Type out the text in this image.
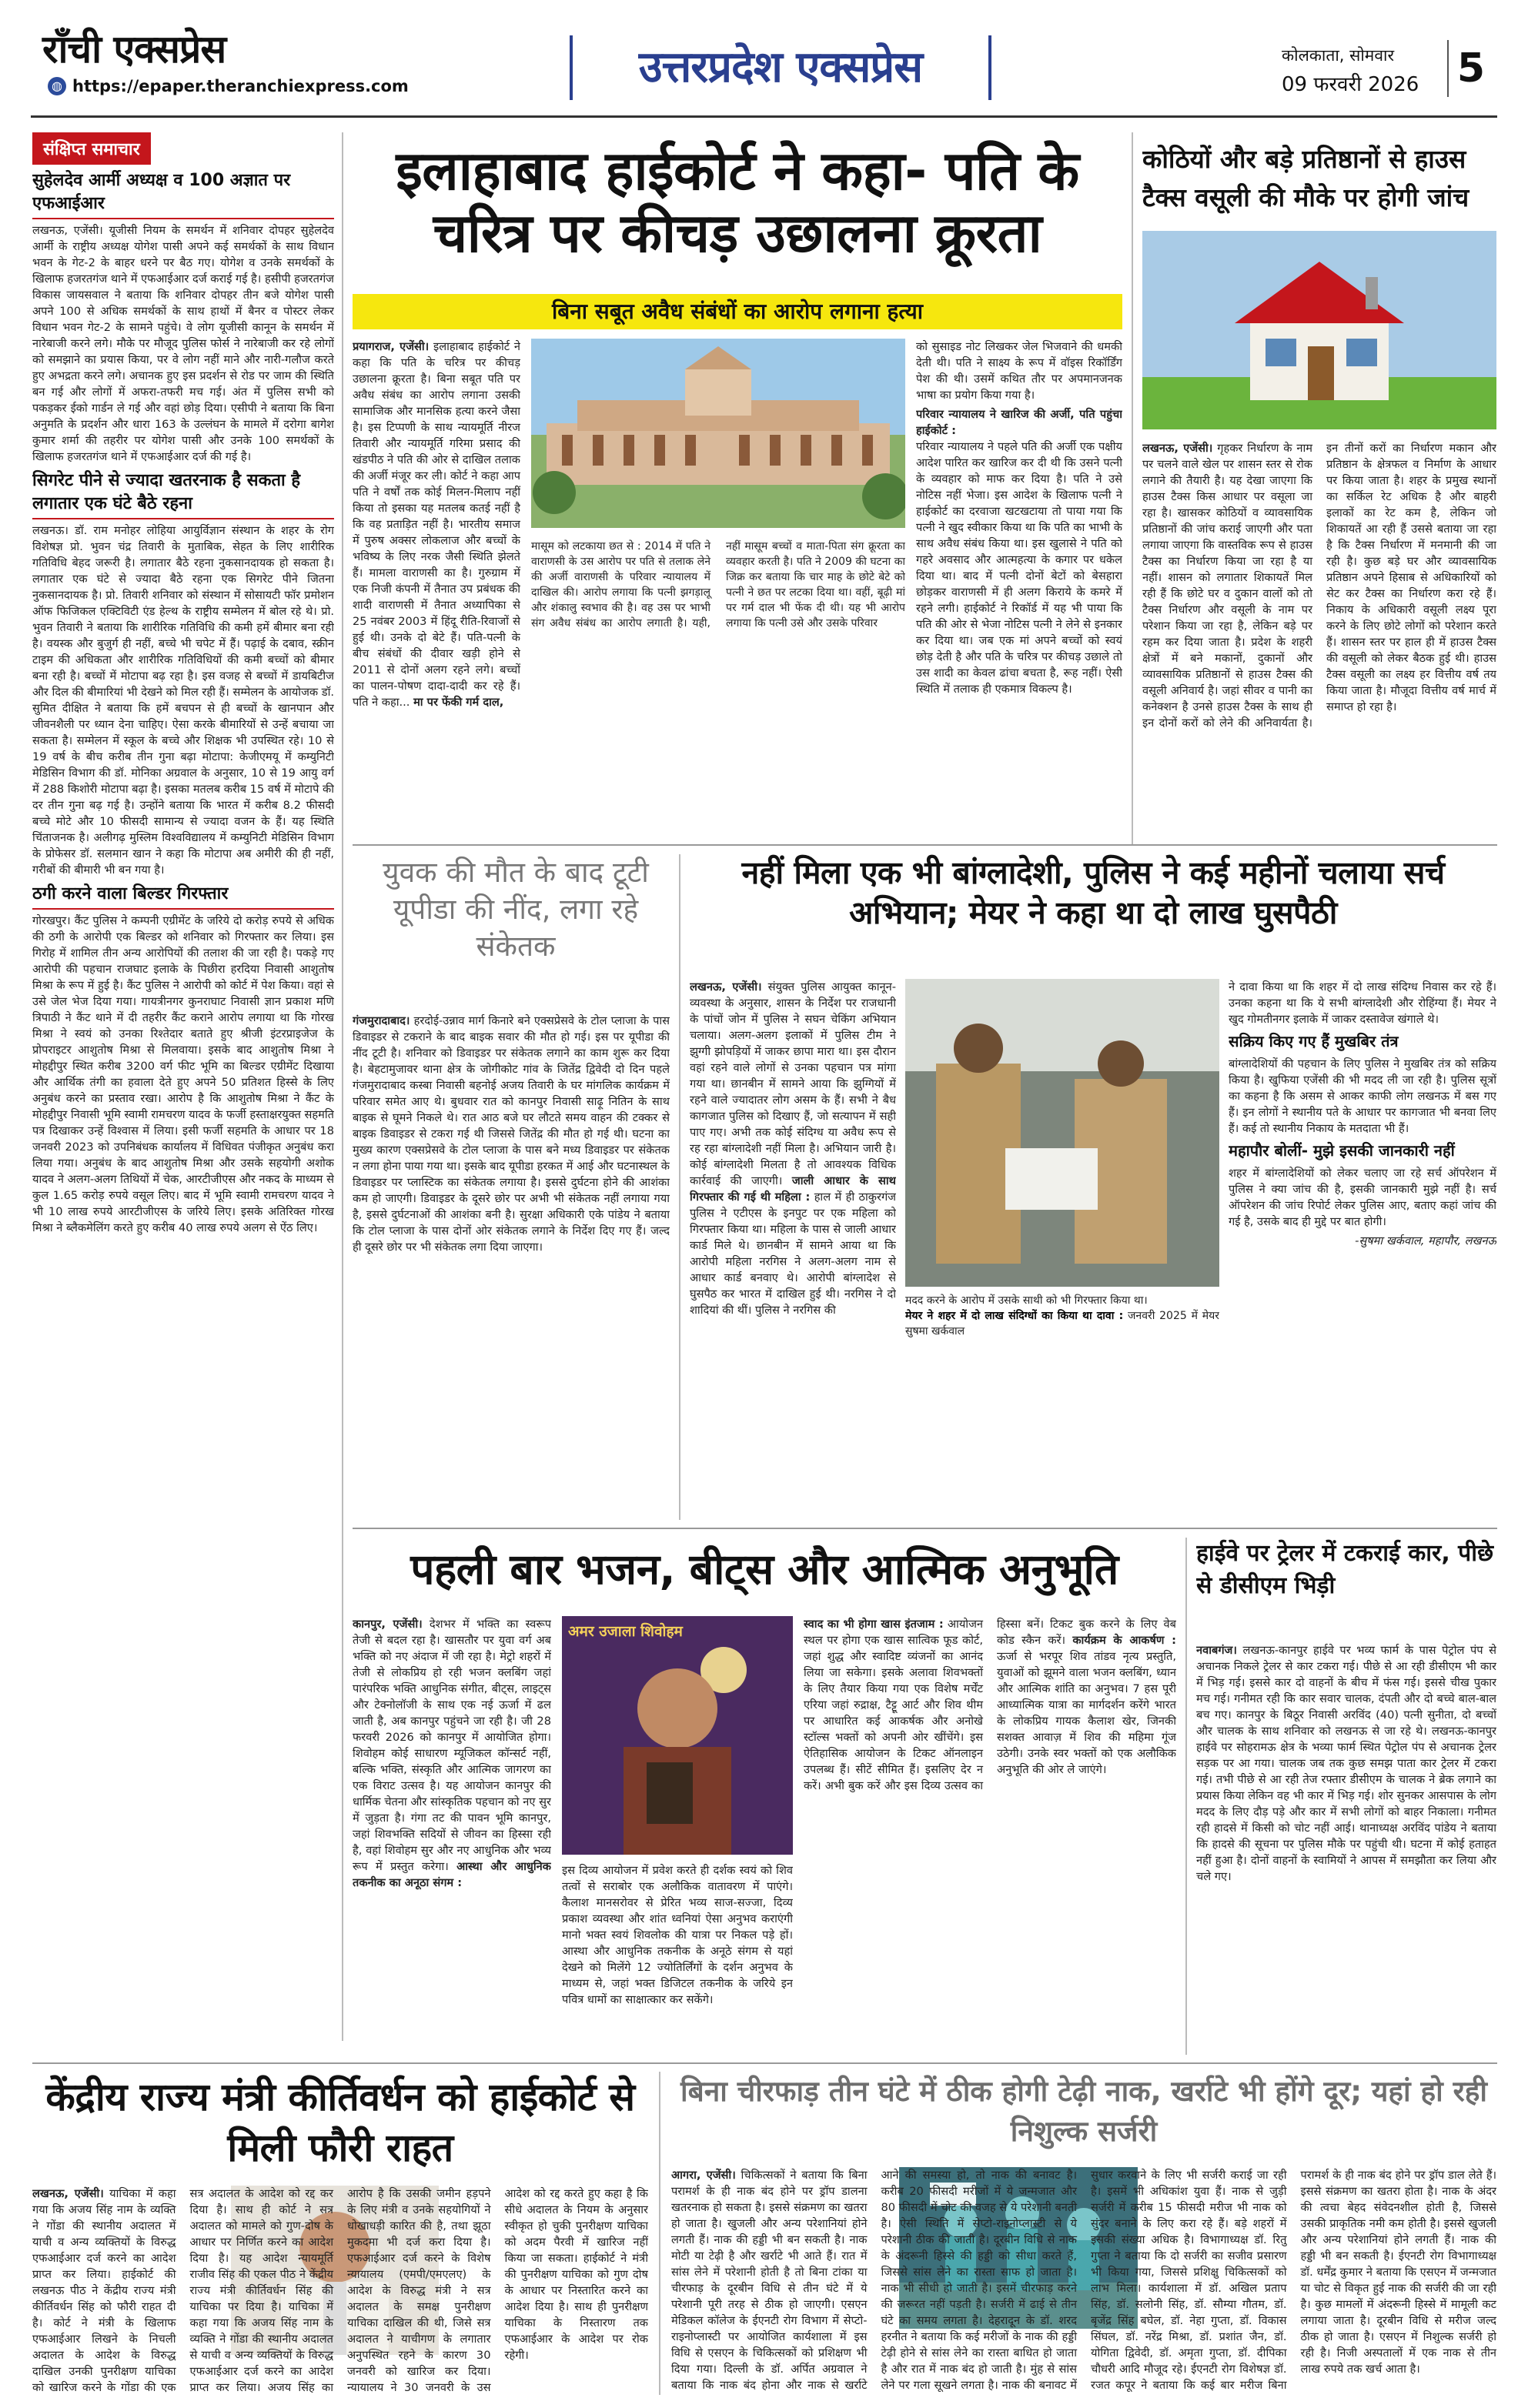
राँची एक्सप्रेस
◍ https://epaper.theranchiexpress.com	उत्तरप्रदेश एक्सप्रेस	कोलकाता, सोमवार
09 फरवरी 2026 5
संक्षिप्त समाचार
सुहेलदेव आर्मी अध्यक्ष व 100 अज्ञात पर एफआईआर
लखनऊ, एजेंसी। यूजीसी नियम के समर्थन में शनिवार दोपहर सुहेलदेव आर्मी के राष्ट्रीय अध्यक्ष योगेश पासी अपने कई समर्थकों के साथ विधान भवन के गेट-2 के बाहर धरने पर बैठ गए। योगेश व उनके समर्थकों के खिलाफ हजरतगंज थाने में एफआईआर दर्ज कराई गई है। हसीपी हजरतगंज विकास जायसवाल ने बताया कि शनिवार दोपहर तीन बजे योगेश पासी अपने 100 से अधिक समर्थकों के साथ हाथों में बैनर व पोस्टर लेकर विधान भवन गेट-2 के सामने पहुंचे। वे लोग यूजीसी कानून के समर्थन में नारेबाजी करने लगे। मौके पर मौजूद पुलिस फोर्स ने नारेबाजी कर रहे लोगों को समझाने का प्रयास किया, पर वे लोग नहीं माने और नारी-गलौज करते हुए अभद्रता करने लगे। अचानक हुए इस प्रदर्शन से रोड पर जाम की स्थिति बन गई और लोगों में अफरा-तफरी मच गई। अंत में पुलिस सभी को पकड़कर ईको गार्डन ले गई और वहां छोड़ दिया। एसीपी ने बताया कि बिना अनुमति के प्रदर्शन और धारा 163 के उल्लंघन के मामले में दरोगा बागेश कुमार शर्मा की तहरीर पर योगेश पासी और उनके 100 समर्थकों के खिलाफ हजरतगंज थाने में एफआईआर दर्ज की गई है।
सिगरेट पीने से ज्यादा खतरनाक है सकता है लगातार एक घंटे बैठे रहना
लखनऊ। डॉ. राम मनोहर लोहिया आयुर्विज्ञान संस्थान के शहर के रोग विशेषज्ञ प्रो. भुवन चंद्र तिवारी के मुताबिक, सेहत के लिए शारीरिक गतिविधि बेहद जरूरी है। लगातार बैठे रहना नुकसानदायक हो सकता है। लगातार एक घंटे से ज्यादा बैठे रहना एक सिगरेट पीने जितना नुकसानदायक है। प्रो. तिवारी शनिवार को संस्थान में सोसायटी फॉर प्रमोशन ऑफ फिजिकल एक्टिविटी एंड हेल्थ के राष्ट्रीय सम्मेलन में बोल रहे थे। प्रो. भुवन तिवारी ने बताया कि शारीरिक गतिविधि की कमी हमें बीमार बना रही है। वयस्क और बुजुर्ग ही नहीं, बच्चे भी चपेट में हैं। पढ़ाई के दबाव, स्क्रीन टाइम की अधिकता और शारीरिक गतिविधियों की कमी बच्चों को बीमार बना रही है। बच्चों में मोटापा बढ़ रहा है। इस वजह से बच्चों में डायबिटीज और दिल की बीमारियां भी देखने को मिल रही हैं। सम्मेलन के आयोजक डॉ. सुमित दीक्षित ने बताया कि हमें बचपन से ही बच्चों के खानपान और जीवनशैली पर ध्यान देना चाहिए। ऐसा करके बीमारियों से उन्हें बचाया जा सकता है। सम्मेलन में स्कूल के बच्चे और शिक्षक भी उपस्थित रहे। 10 से 19 वर्ष के बीच करीब तीन गुना बढ़ा मोटापा: केजीएमयू में कम्युनिटी मेडिसिन विभाग की डॉ. मोनिका अग्रवाल के अनुसार, 10 से 19 आयु वर्ग में 288 किशोरी मोटापा बढ़ा है। इसका मतलब करीब 15 वर्ष में मोटापे की दर तीन गुना बढ़ गई है। उन्होंने बताया कि भारत में करीब 8.2 फीसदी बच्चे मोटे और 10 फीसदी सामान्य से ज्यादा वजन के हैं। यह स्थिति चिंताजनक है। अलीगढ़ मुस्लिम विश्वविद्यालय में कम्युनिटी मेडिसिन विभाग के प्रोफेसर डॉ. सलमान खान ने कहा कि मोटापा अब अमीरी की ही नहीं, गरीबों की बीमारी भी बन गया है।
ठगी करने वाला बिल्डर गिरफ्तार
गोरखपुर। कैंट पुलिस ने कम्पनी एग्रीमेंट के जरिये दो करोड़ रुपये से अधिक की ठगी के आरोपी एक बिल्डर को शनिवार को गिरफ्तार कर लिया। इस गिरोह में शामिल तीन अन्य आरोपियों की तलाश की जा रही है। पकड़े गए आरोपी की पहचान राजघाट इलाके के पिछीरा हरदिया निवासी आशुतोष मिश्रा के रूप में हुई है। कैंट पुलिस ने आरोपी को कोर्ट में पेश किया। वहां से उसे जेल भेज दिया गया। गायत्रीनगर कुनराघाट निवासी ज्ञान प्रकाश मणि त्रिपाठी ने कैंट थाने में दी तहरीर कैंट कराने आरोप लगाया था कि गोरख मिश्रा ने स्वयं को उनका रिश्तेदार बताते हुए श्रीजी इंटरप्राइजेज के प्रोपराइटर आशुतोष मिश्रा से मिलवाया। इसके बाद आशुतोष मिश्रा ने मोहद्दीपुर स्थित करीब 3200 वर्ग फीट भूमि का बिल्डर एग्रीमेंट दिखाया और आर्थिक तंगी का हवाला देते हुए अपने 50 प्रतिशत हिस्से के लिए अनुबंध करने का प्रस्ताव रखा। आरोप है कि आशुतोष मिश्रा ने कैंट के मोहद्दीपुर निवासी भूमि स्वामी रामचरण यादव के फर्जी हस्ताक्षरयुक्त सहमति पत्र दिखाकर उन्हें विश्वास में लिया। इसी फर्जी सहमति के आधार पर 18 जनवरी 2023 को उपनिबंधक कार्यालय में विधिवत पंजीकृत अनुबंध करा लिया गया। अनुबंध के बाद आशुतोष मिश्रा और उसके सहयोगी अशोक यादव ने अलग-अलग तिथियों में चेक, आरटीजीएस और नकद के माध्यम से कुल 1.65 करोड़ रुपये वसूल लिए। बाद में भूमि स्वामी रामचरण यादव ने भी 10 लाख रुपये आरटीजीएस के जरिये लिए। इसके अतिरिक्त गोरख मिश्रा ने ब्लैकमेलिंग करते हुए करीब 40 लाख रुपये अलग से ऐंठ लिए।
इलाहाबाद हाईकोर्ट ने कहा- पति के चरित्र पर कीचड़ उछालना क्रूरता
बिना सबूत अवैध संबंधों का आरोप लगाना हत्या
प्रयागराज, एजेंसी। इलाहाबाद हाईकोर्ट ने कहा कि पति के चरित्र पर कीचड़ उछालना क्रूरता है। बिना सबूत पति पर अवैध संबंध का आरोप लगाना उसकी सामाजिक और मानसिक हत्या करने जैसा है। इस टिप्पणी के साथ न्यायमूर्ति नीरज तिवारी और न्यायमूर्ति गरिमा प्रसाद की खंडपीठ ने पति की ओर से दाखिल तलाक की अर्जी मंजूर कर ली। कोर्ट ने कहा आप पति ने वर्षों तक कोई मिलन-मिलाप नहीं किया तो इसका यह मतलब कतई नहीं है कि वह प्रताड़ित नहीं है। भारतीय समाज में पुरुष अक्सर लोकलाज और बच्चों के भविष्य के लिए नरक जैसी स्थिति झेलते हैं। मामला वाराणसी का है। गुरुग्राम में एक निजी कंपनी में तैनात उप प्रबंधक की शादी वाराणसी में तैनात अध्यापिका से 25 नवंबर 2003 में हिंदू रीति-रिवाजों से हुई थी। उनके दो बेटे हैं। पति-पत्नी के बीच संबंधों की दीवार खड़ी होने से 2011 से दोनों अलग रहने लगे। बच्चों का पालन-पोषण दादा-दादी कर रहे हैं। पति ने कहा... मा पर फेंकी गर्म दाल,
मासूम को लटकाया छत से : 2014 में पति ने वाराणसी के उस आरोप पर पति से तलाक लेने की अर्जी वाराणसी के परिवार न्यायालय में दाखिल की। आरोप लगाया कि पत्नी झगड़ालू और शंकालु स्वभाव की है। वह उस पर भाभी संग अवैध संबंध का आरोप लगाती है। यही, नहीं मासूम बच्चों व माता-पिता संग क्रूरता का व्यवहार करती है। पति ने 2009 की घटना का जिक्र कर बताया कि चार माह के छोटे बेटे को पत्नी ने छत पर लटका दिया था। वहीं, बूढ़ी मां पर गर्म दाल भी फेंक दी थी। यह भी आरोप लगाया कि पत्नी उसे और उसके परिवार
को सुसाइड नोट लिखकर जेल भिजवाने की धमकी देती थी। पति ने साक्ष्य के रूप में वॉइस रिकॉर्डिंग पेश की थी। उसमें कथित तौर पर अपमानजनक भाषा का प्रयोग किया गया है।
परिवार न्यायालय ने खारिज की अर्जी, पति पहुंचा हाईकोर्ट :
परिवार न्यायालय ने पहले पति की अर्जी एक पक्षीय आदेश पारित कर खारिज कर दी थी कि उसने पत्नी के व्यवहार को माफ कर दिया है। पति ने उसे नोटिस नहीं भेजा। इस आदेश के खिलाफ पत्नी ने हाईकोर्ट का दरवाजा खटखटाया तो पाया गया कि पत्नी ने खुद स्वीकार किया था कि पति का भाभी के साथ अवैध संबंध किया था। इस खुलासे ने पति को गहरे अवसाद और आत्महत्या के कगार पर धकेल दिया था। बाद में पत्नी दोनों बेटों को बेसहारा छोड़कर वाराणसी में ही अलग किराये के कमरे में रहने लगी। हाईकोर्ट ने रिकॉर्ड में यह भी पाया कि पति की ओर से भेजा नोटिस पत्नी ने लेने से इनकार कर दिया था। जब एक मां अपने बच्चों को स्वयं छोड़ देती है और पति के चरित्र पर कीचड़ उछाले तो उस शादी का केवल ढांचा बचता है, रूह नहीं। ऐसी स्थिति में तलाक ही एकमात्र विकल्प है।
कोठियों और बड़े प्रतिष्ठानों से हाउस टैक्स वसूली की मौके पर होगी जांच
लखनऊ, एजेंसी। गृहकर निर्धारण के नाम पर चलने वाले खेल पर शासन स्तर से रोक लगाने की तैयारी है। यह देखा जाएगा कि हाउस टैक्स किस आधार पर वसूला जा रहा है। खासकर कोठियों व व्यावसायिक प्रतिष्ठानों की जांच कराई जाएगी और पता लगाया जाएगा कि वास्तविक रूप से हाउस टैक्स का निर्धारण किया जा रहा है या नहीं। शासन को लगातार शिकायतें मिल रही हैं कि छोटे घर व दुकान वालों को तो टैक्स निर्धारण और वसूली के नाम पर परेशान किया जा रहा है, लेकिन बड़े पर रहम कर दिया जाता है। प्रदेश के शहरी क्षेत्रों में बने मकानों, दुकानों और व्यावसायिक प्रतिष्ठानों से हाउस टैक्स की वसूली अनिवार्य है। जहां सीवर व पानी का कनेक्शन है उनसे हाउस टैक्स के साथ ही इन दोनों करों को लेने की अनिवार्यता है। इन तीनों करों का निर्धारण मकान और प्रतिष्ठान के क्षेत्रफल व निर्माण के आधार पर किया जाता है। शहर के प्रमुख स्थानों का सर्किल रेट अधिक है और बाहरी इलाकों का रेट कम है, लेकिन जो शिकायतें आ रही हैं उससे बताया जा रहा है कि टैक्स निर्धारण में मनमानी की जा रही है। कुछ बड़े घर और व्यावसायिक प्रतिष्ठान अपने हिसाब से अधिकारियों को सेट कर टैक्स का निर्धारण करा रहे हैं। निकाय के अधिकारी वसूली लक्ष्य पूरा करने के लिए छोटे लोगों को परेशान करते हैं। शासन स्तर पर हाल ही में हाउस टैक्स की वसूली को लेकर बैठक हुई थी। हाउस टैक्स वसूली का लक्ष्य हर वित्तीय वर्ष तय किया जाता है। मौजूदा वित्तीय वर्ष मार्च में समाप्त हो रहा है।
युवक की मौत के बाद टूटी यूपीडा की नींद, लगा रहे संकेतक
गंजमुरादाबाद। हरदोई-उन्नाव मार्ग किनारे बने एक्सप्रेसवे के टोल प्लाजा के पास डिवाइडर से टकराने के बाद बाइक सवार की मौत हो गई। इस पर यूपीडा की नींद टूटी है। शनिवार को डिवाइडर पर संकेतक लगाने का काम शुरू कर दिया है। बेहटामुजावर थाना क्षेत्र के जोगीकोट गांव के जितेंद्र द्विवेदी दो दिन पहले गंजमुरादाबाद कस्बा निवासी बहनोई अजय तिवारी के घर मांगलिक कार्यक्रम में परिवार समेत आए थे। बुधवार रात को कानपुर निवासी साढ़ू नितिन के साथ बाइक से घूमने निकले थे। रात आठ बजे घर लौटते समय वाहन की टक्कर से बाइक डिवाइडर से टकरा गई थी जिससे जितेंद्र की मौत हो गई थी। घटना का मुख्य कारण एक्सप्रेसवे के टोल प्लाजा के पास बने मध्य डिवाइडर पर संकेतक न लगा होना पाया गया था। इसके बाद यूपीडा हरकत में आई और घटनास्थल के डिवाइडर पर प्लास्टिक का संकेतक लगाया है। इससे दुर्घटना होने की आशंका कम हो जाएगी। डिवाइडर के दूसरे छोर पर अभी भी संकेतक नहीं लगाया गया है, इससे दुर्घटनाओं की आशंका बनी है। सुरक्षा अधिकारी एके पांडेय ने बताया कि टोल प्लाजा के पास दोनों ओर संकेतक लगाने के निर्देश दिए गए हैं। जल्द ही दूसरे छोर पर भी संकेतक लगा दिया जाएगा।
नहीं मिला एक भी बांग्लादेशी, पुलिस ने कई महीनों चलाया सर्च अभियान; मेयर ने कहा था दो लाख घुसपैठी
लखनऊ, एजेंसी। संयुक्त पुलिस आयुक्त कानून-व्यवस्था के अनुसार, शासन के निर्देश पर राजधानी के पांचों जोन में पुलिस ने सघन चेकिंग अभियान चलाया। अलग-अलग इलाकों में पुलिस टीम ने झुग्गी झोपड़ियों में जाकर छापा मारा था। इस दौरान वहां रहने वाले लोगों से उनका पहचान पत्र मांगा गया था। छानबीन में सामने आया कि झुग्गियों में रहने वाले ज्यादातर लोग असम के हैं। सभी ने बैध कागजात पुलिस को दिखाए हैं, जो सत्यापन में सही पाए गए। अभी तक कोई संदिग्ध या अवैध रूप से रह रहा बांग्लादेशी नहीं मिला है। अभियान जारी है। कोई बांग्लादेशी मिलता है तो आवश्यक विधिक कार्रवाई की जाएगी। जाली आधार के साथ गिरफ्तार की गई थी महिला : हाल में ही ठाकुरगंज पुलिस ने एटीएस के इनपुट पर एक महिला को गिरफ्तार किया था। महिला के पास से जाली आधार कार्ड मिले थे। छानबीन में सामने आया था कि आरोपी महिला नरगिस ने अलग-अलग नाम से आधार कार्ड बनवाए थे। आरोपी बांग्लादेश से घुसपैठ कर भारत में दाखिल हुई थी। नरगिस ने दो शादियां की थीं। पुलिस ने नरगिस की
मदद करने के आरोप में उसके साथी को भी गिरफ्तार किया था।
मेयर ने शहर में दो लाख संदिग्धों का किया था दावा : जनवरी 2025 में मेयर सुषमा खर्कवाल
ने दावा किया था कि शहर में दो लाख संदिग्ध निवास कर रहे हैं। उनका कहना था कि ये सभी बांग्लादेशी और रोहिंग्या हैं। मेयर ने खुद गोमतीनगर इलाके में जाकर दस्तावेज खंगाले थे।
सक्रिय किए गए हैं मुखबिर तंत्र
बांग्लादेशियों की पहचान के लिए पुलिस ने मुखबिर तंत्र को सक्रिय किया है। खुफिया एजेंसी की भी मदद ली जा रही है। पुलिस सूत्रों का कहना है कि असम से आकर काफी लोग लखनऊ में बस गए हैं। इन लोगों ने स्थानीय पते के आधार पर कागजात भी बनवा लिए हैं। कई तो स्थानीय निकाय के मतदाता भी हैं।
महापौर बोलीं- मुझे इसकी जानकारी नहीं
शहर में बांग्लादेशियों को लेकर चलाए जा रहे सर्च ऑपरेशन में पुलिस ने क्या जांच की है, इसकी जानकारी मुझे नहीं है। सर्च ऑपरेशन की जांच रिपोर्ट लेकर पुलिस आए, बताए कहां जांच की गई है, उसके बाद ही मुद्दे पर बात होगी।
-सुषमा खर्कवाल, महापौर, लखनऊ
पहली बार भजन, बीट्स और आत्मिक अनुभूति
कानपुर, एजेंसी। देशभर में भक्ति का स्वरूप तेजी से बदल रहा है। खासतौर पर युवा वर्ग अब भक्ति को नए अंदाज में जी रहा है। मेट्रो शहरों में तेजी से लोकप्रिय हो रही भजन क्लबिंग जहां पारंपरिक भक्ति आधुनिक संगीत, बीट्स, लाइट्स और टेक्नोलॉजी के साथ एक नई ऊर्जा में ढल जाती है, अब कानपुर पहुंचने जा रही है। जी 28 फरवरी 2026 को कानपुर में आयोजित होगा। शिवोहम कोई साधारण म्यूजिकल कॉन्सर्ट नहीं, बल्कि भक्ति, संस्कृति और आत्मिक जागरण का एक विराट उत्सव है। यह आयोजन कानपुर की धार्मिक चेतना और सांस्कृतिक पहचान को नए सुर में जुड़ता है। गंगा तट की पावन भूमि कानपुर, जहां शिवभक्ति सदियों से जीवन का हिस्सा रही है, वहां शिवोहम सुर और नए आधुनिक और भव्य रूप में प्रस्तुत करेगा। आस्था और आधुनिक तकनीक का अनूठा संगम :
अमर उजाला शिवोहम
इस दिव्य आयोजन में प्रवेश करते ही दर्शक स्वयं को शिव तत्वों से सराबोर एक अलौकिक वातावरण में पाएंगे। कैलाश मानसरोवर से प्रेरित भव्य साज-सज्जा, दिव्य प्रकाश व्यवस्था और शांत ध्वनियां ऐसा अनुभव कराएंगी मानो भक्त स्वयं शिवलोक की यात्रा पर निकल पड़े हों। आस्था और आधुनिक तकनीक के अनूठे संगम से यहां देखने को मिलेंगे 12 ज्योतिर्लिंगों के दर्शन अनुभव के माध्यम से, जहां भक्त डिजिटल तकनीक के जरिये इन पवित्र धामों का साक्षात्कार कर सकेंगे।
स्वाद का भी होगा खास इंतजाम : आयोजन स्थल पर होगा एक खास सात्विक फूड कोर्ट, जहां शुद्ध और स्वादिष्ट व्यंजनों का आनंद लिया जा सकेगा। इसके अलावा शिवभक्तों के लिए तैयार किया गया एक विशेष मर्चेंट एरिया जहां रुद्राक्ष, टैट्टू आर्ट और शिव थीम पर आधारित कई आकर्षक और अनोखे स्टॉल्स भक्तों को अपनी ओर खींचेंगे। इस ऐतिहासिक आयोजन के टिकट ऑनलाइन उपलब्ध हैं। सीटें सीमित हैं। इसलिए देर न करें। अभी बुक करें और इस दिव्य उत्सव का हिस्सा बनें। टिकट बुक करने के लिए वेब कोड स्कैन करें। कार्यक्रम के आकर्षण : ऊर्जा से भरपूर शिव तांडव नृत्य प्रस्तुति, युवाओं को झूमने वाला भजन क्लबिंग, ध्यान और आत्मिक शांति का अनुभव। 7 हस पूरी आध्यात्मिक यात्रा का मार्गदर्शन करेंगे भारत के लोकप्रिय गायक कैलाश खेर, जिनकी सशक्त आवाज़ में शिव की महिमा गूंज उठेगी। उनके स्वर भक्तों को एक अलौकिक अनुभूति की ओर ले जाएंगे।
हाईवे पर ट्रेलर में टकराई कार, पीछे से डीसीएम भिड़ी
नवाबगंज। लखनऊ-कानपुर हाईवे पर भव्य फार्म के पास पेट्रोल पंप से अचानक निकले ट्रेलर से कार टकरा गई। पीछे से आ रही डीसीएम भी कार में भिड़ गई। इससे कार दो वाहनों के बीच में फंस गई। इससे चीख पुकार मच गई। गनीमत रही कि कार सवार चालक, दंपती और दो बच्चे बाल-बाल बच गए। कानपुर के बिठूर निवासी अरविंद (40) पत्नी सुनीता, दो बच्चों और चालक के साथ शनिवार को लखनऊ से जा रहे थे। लखनऊ-कानपुर हाईवे पर सोहरामऊ क्षेत्र के भव्या फार्म स्थित पेट्रोल पंप से अचानक ट्रेलर सड़क पर आ गया। चालक जब तक कुछ समझ पाता कार ट्रेलर में टकरा गई। तभी पीछे से आ रही तेज रफ्तार डीसीएम के चालक ने ब्रेक लगाने का प्रयास किया लेकिन वह भी कार में भिड़ गई। शोर सुनकर आसपास के लोग मदद के लिए दौड़ पड़े और कार में सभी लोगों को बाहर निकाला। गनीमत रही हादसे में किसी को चोट नहीं आई। थानाध्यक्ष अरविंद पांडेय ने बताया कि हादसे की सूचना पर पुलिस मौके पर पहुंची थी। घटना में कोई हताहत नहीं हुआ है। दोनों वाहनों के स्वामियों ने आपस में समझौता कर लिया और चले गए।
केंद्रीय राज्य मंत्री कीर्तिवर्धन को हाईकोर्ट से मिली फौरी राहत
लखनऊ, एजेंसी। याचिका में कहा गया कि अजय सिंह नाम के व्यक्ति ने गोंडा की स्थानीय अदालत में याची व अन्य व्यक्तियों के विरुद्ध एफआईआर दर्ज करने का आदेश प्राप्त कर लिया। हाईकोर्ट की लखनऊ पीठ ने केंद्रीय राज्य मंत्री कीर्तिवर्धन सिंह को फौरी राहत दी है। कोर्ट ने मंत्री के खिलाफ एफआईआर लिखने के निचली अदालत के आदेश के विरुद्ध दाखिल उनकी पुनरीक्षण याचिका को खारिज करने के गोंडा की एक सत्र अदालत के आदेश को रद्द कर दिया है। साथ ही कोर्ट ने सत्र अदालत को मामले को गुण-दोष के आधार पर निर्णित करने का आदेश दिया है। यह आदेश न्यायमूर्ति राजीव सिंह की एकल पीठ ने केंद्रीय राज्य मंत्री कीर्तिवर्धन सिंह की याचिका पर दिया है। याचिका में कहा गया कि अजय सिंह नाम के व्यक्ति ने गोंडा की स्थानीय अदालत से याची व अन्य व्यक्तियों के विरुद्ध एफआईआर दर्ज करने का आदेश प्राप्त कर लिया। अजय सिंह का आरोप है कि उसकी जमीन हड़पने के लिए मंत्री व उनके सहयोगियों ने धोखाधड़ी कारित की है, तथा झूठा मुकदमा भी दर्ज करा दिया है। एफआईआर दर्ज करने के विशेष न्यायालय (एमपी/एमएलए) के आदेश के विरुद्ध मंत्री ने सत्र अदालत के समक्ष पुनरीक्षण याचिका दाखिल की थी, जिसे सत्र अदालत ने याचीगण के लगातार अनुपस्थित रहने के कारण 30 जनवरी को खारिज कर दिया। न्यायालय ने 30 जनवरी के उस आदेश को रद्द करते हुए कहा है कि सीधे अदालत के नियम के अनुसार स्वीकृत हो चुकी पुनरीक्षण याचिका को अदम पैरवी में खारिज नहीं किया जा सकता। हाईकोर्ट ने मंत्री की पुनरीक्षण याचिका को गुण दोष के आधार पर निस्तारित करने का आदेश दिया है। साथ ही पुनरीक्षण याचिका के निस्तारण तक एफआईआर के आदेश पर रोक रहेगी।
बिना चीरफाड़ तीन घंटे में ठीक होगी टेढ़ी नाक, खर्राटे भी होंगे दूर; यहां हो रही निशुल्क सर्जरी
आगरा, एजेंसी। चिकित्सकों ने बताया कि बिना परामर्श के ही नाक बंद होने पर ड्रॉप डालना खतरनाक हो सकता है। इससे संक्रमण का खतरा हो जाता है। खुजली और अन्य परेशानियां होने लगती हैं। नाक की हड्डी भी बन सकती है। नाक मोटी या टेढ़ी है और खर्राटे भी आते हैं। रात में सांस लेने में परेशानी होती है तो बिना टांका या चीरफाड़ के दूरबीन विधि से तीन घंटे में ये परेशानी पूरी तरह से ठीक हो जाएगी। एसएन मेडिकल कॉलेज के ईएनटी रोग विभाग में सेप्टो-राइनोप्लास्टी पर आयोजित कार्यशाला में इस विधि से एसएन के चिकित्सकों को प्रशिक्षण भी दिया गया। दिल्ली के डॉ. अर्पित अग्रवाल ने बताया कि नाक बंद होना और नाक से खर्राटे आने की समस्या हो, तो नाक की बनावट है। करीब 20 फीसदी मरीजों में ये जन्मजात और 80 फीसदी में चोट की वजह से ये परेशानी बनती है। ऐसी स्थिति में सेप्टो-राइनोप्लास्टी से ये परेशानी ठीक की जाती है। दूरबीन विधि से नाक के अंदरूनी हिस्से की हड्डी को सीधा करते हैं, जिससे सांस लेने का रास्ता साफ हो जाता है। नाक भी सीधी हो जाती है। इसमें चीरफाड़ करने की जरूरत नहीं पड़ती है। सर्जरी में ढाई से तीन घंटे का समय लगता है। देहरादून के डॉ. शरद हरनीत ने बताया कि कई मरीजों के नाक की हड्डी टेढ़ी होने से सांस लेने का रास्ता बाधित हो जाता है और रात में नाक बंद हो जाती है। मुंह से सांस लेने पर गला सूखने लगता है। नाक की बनावट में सुधार करवाने के लिए भी सर्जरी कराई जा रही है। इसमें भी अधिकांश युवा हैं। नाक से जुड़ी सर्जरी में करीब 15 फीसदी मरीज भी नाक को सुंदर बनाने के लिए करा रहे हैं। बड़े शहरों में इसकी संख्या अधिक है। विभागाध्यक्ष डॉ. रितु गुप्ता ने बताया कि दो सर्जरी का सजीव प्रसारण भी किया गया, जिससे प्रशिक्षु चिकित्सकों को लाभ मिला। कार्यशाला में डॉ. अखिल प्रताप सिंह, डॉ. सलोनी सिंह, डॉ. सौम्या गौतम, डॉ. बृजेंद्र सिंह बघेल, डॉ. नेहा गुप्ता, डॉ. विकास सिंघल, डॉ. नरेंद्र मिश्रा, डॉ. प्रशांत जैन, डॉ. योगिता द्विवेदी, डॉ. अमृता गुप्ता, डॉ. दीपिका चौधरी आदि मौजूद रहे। ईएनटी रोग विशेषज्ञ डॉ. रजत कपूर ने बताया कि कई बार मरीज बिना परामर्श के ही नाक बंद होने पर ड्रॉप डाल लेते हैं। इससे संक्रमण का खतरा होता है। नाक के अंदर की त्वचा बेहद संवेदनशील होती है, जिससे उसकी प्राकृतिक नमी कम होती है। इससे खुजली और अन्य परेशानियां होने लगती हैं। नाक की हड्डी भी बन सकती है। ईएनटी रोग विभागाध्यक्ष डॉ. धर्मेंद्र कुमार ने बताया कि एसएन में जन्मजात या चोट से विकृत हुई नाक की सर्जरी की जा रही है। कुछ मामलों में अंदरूनी हिस्से में मामूली कट लगाया जाता है। दूरबीन विधि से मरीज जल्द ठीक हो जाता है। एसएन में निशुल्क सर्जरी हो रही है। निजी अस्पतालों में एक नाक से तीन लाख रुपये तक खर्च आता है।
